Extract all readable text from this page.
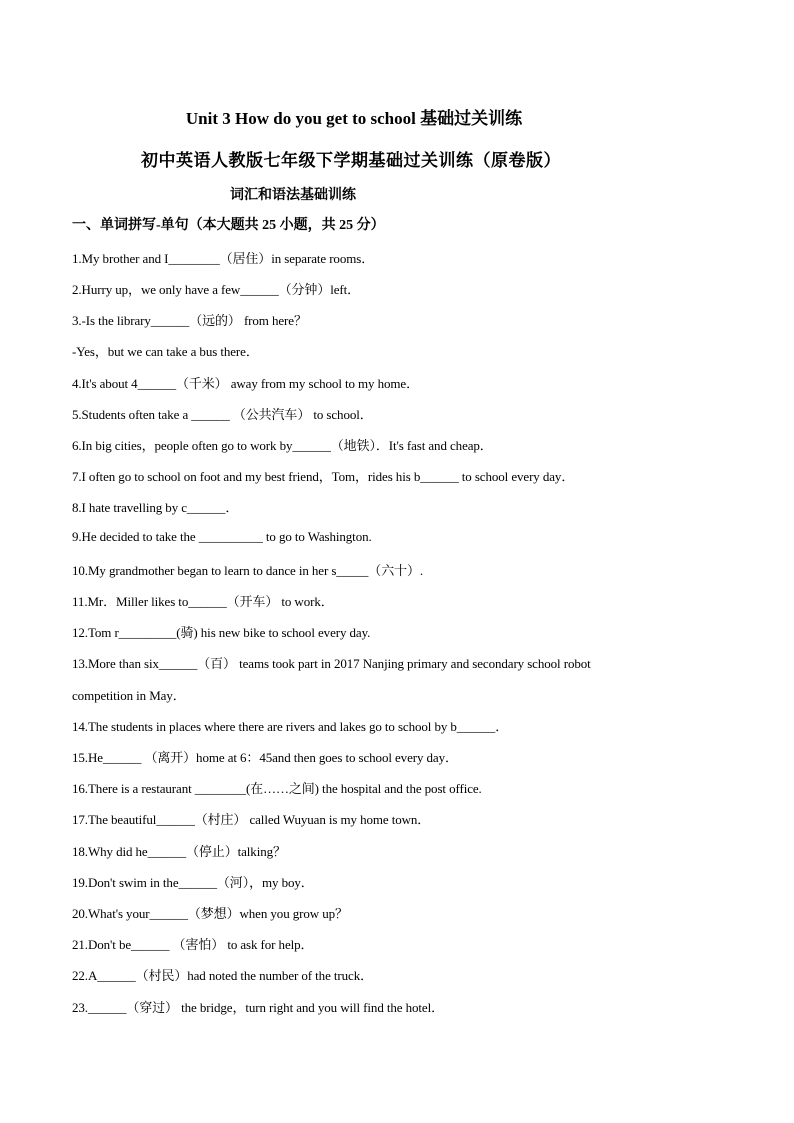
Unit 3 How do you get to school 基础过关训练
初中英语人教版七年级下学期基础过关训练（原卷版）
词汇和语法基础训练
一、单词拼写-单句（本大题共 25 小题，共 25 分）
1.My brother and I________（居住）in separate rooms．
2.Hurry up，we only have a few______（分钟）left．
3.-Is the library______（远的） from here？
-Yes，but we can take a bus there．
4.It's about 4______（千米） away from my school to my home．
5.Students often take a ______ （公共汽车） to school．
6.In big cities，people often go to work by______（地铁）．It's fast and cheap．
7.I often go to school on foot and my best friend，Tom，rides his b______ to school every day．
8.I hate travelling by c______．
9.He decided to take the __________ to go to Washington.
10.My grandmother began to learn to dance in her s_____（六十）.
11.Mr．Miller likes to______（开车） to work．
12.Tom r_________(骑) his new bike to school every day.
13.More than six______（百） teams took part in 2017 Nanjing primary and secondary school robot
competition in May．
14.The students in places where there are rivers and lakes go to school by b______．
15.He______ （离开）home at 6：45and then goes to school every day．
16.There is a restaurant ________(在……之间) the hospital and the post office.
17.The beautiful______（村庄） called Wuyuan is my home town．
18.Why did he______（停止）talking？
19.Don't swim in the______（河），my boy．
20.What's your______（梦想）when you grow up？
21.Don't be______ （害怕） to ask for help．
22.A______（村民）had noted the number of the truck．
23.______（穿过） the bridge，turn right and you will find the hotel．
